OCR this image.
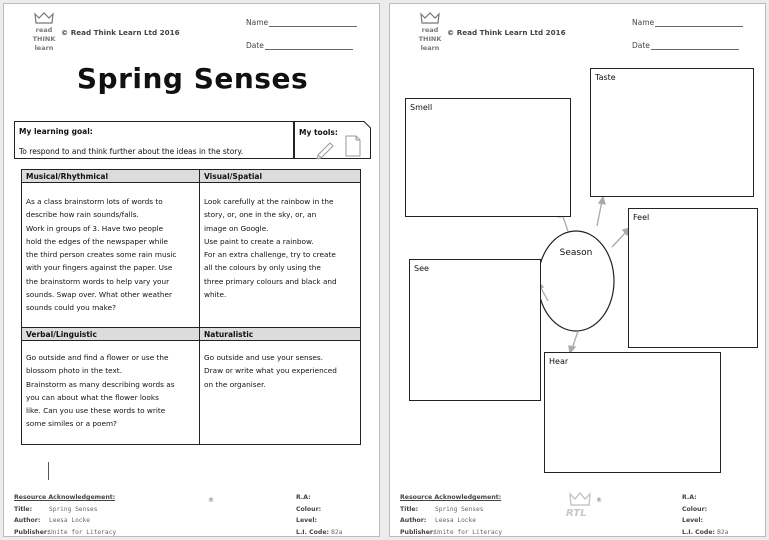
read
THINK
learn
© Read Think Learn Ltd 2016
Name
Date
Spring Senses
My learning goal:
To respond to and think further about the ideas in the story.
My tools:
Musical/Rhythmical
As a class brainstorm lots of words to
describe how rain sounds/falls.
Work in groups of 3. Have two people
hold the edges of the newspaper while
the third person creates some rain music
with your fingers against the paper. Use
the brainstorm words to help vary your
sounds. Swap over. What other weather
sounds could you make?
Visual/Spatial
Look carefully at the rainbow in the
story, or, one in the sky, or, an
image on Google.
Use paint to create a rainbow.
For an extra challenge, try to create
all the colours by only using the
three primary colours and black and
white.
Verbal/Linguistic
Go outside and find a flower or use the
blossom photo in the text.
Brainstorm as many describing words as
you can about what the flower looks
like. Can you use these words to write
some similes or a poem?
Naturalistic
Go outside and use your senses.
Draw or write what you experienced
on the organiser.
Resource Acknowledgement:
Title:	Spring Senses
Author: Leesa Locke
Publisher:Unite for Literacy
®	R.A:
Colour:
Level:
L.I. Code: B2a
read
THINK
learn
© Read Think Learn Ltd 2016
Name
Date
Season
Taste
Smell
Feel
See
Hear
Resource Acknowledgement:
Title:	Spring Senses
Author: Leesa Locke
Publisher:Unite for Literacy
RTL
®	R.A:
Colour:
Level:
L.I. Code: B2a
